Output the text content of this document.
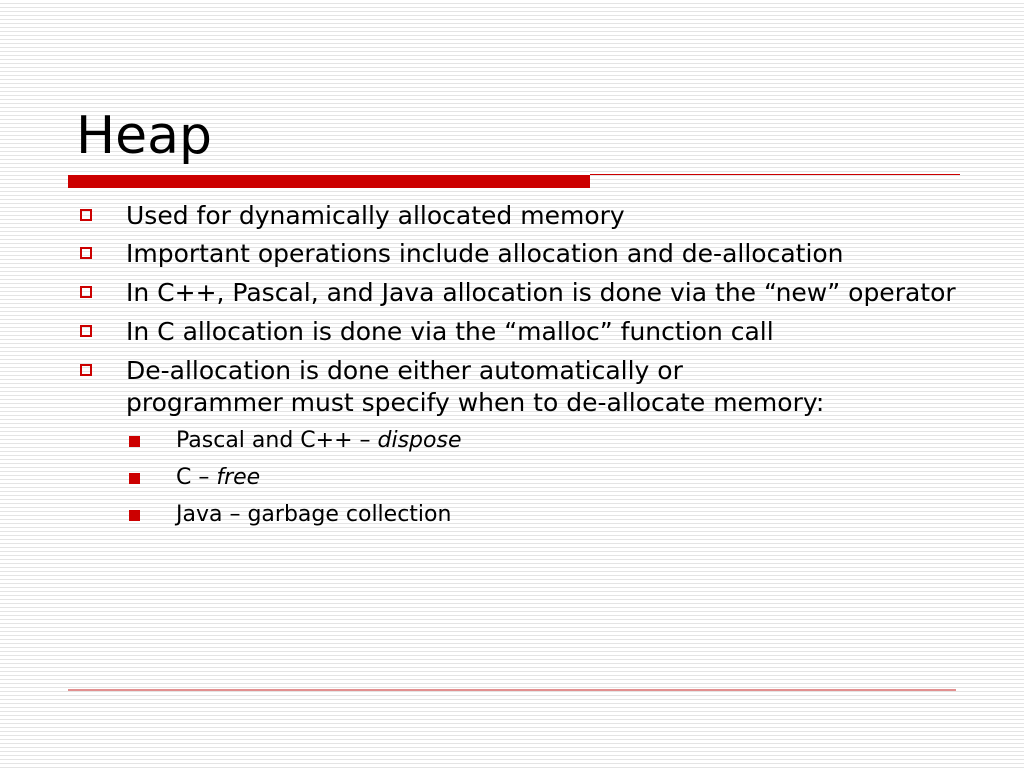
Heap
Used for dynamically allocated memory
Important operations include allocation and de-allocation
In C++, Pascal, and Java allocation is done via the “new” operator
In C allocation is done via the “malloc” function call
De-allocation is done either automatically or programmer must specify when to de-allocate memory:
Pascal and C++ – dispose
C – free
Java – garbage collection
